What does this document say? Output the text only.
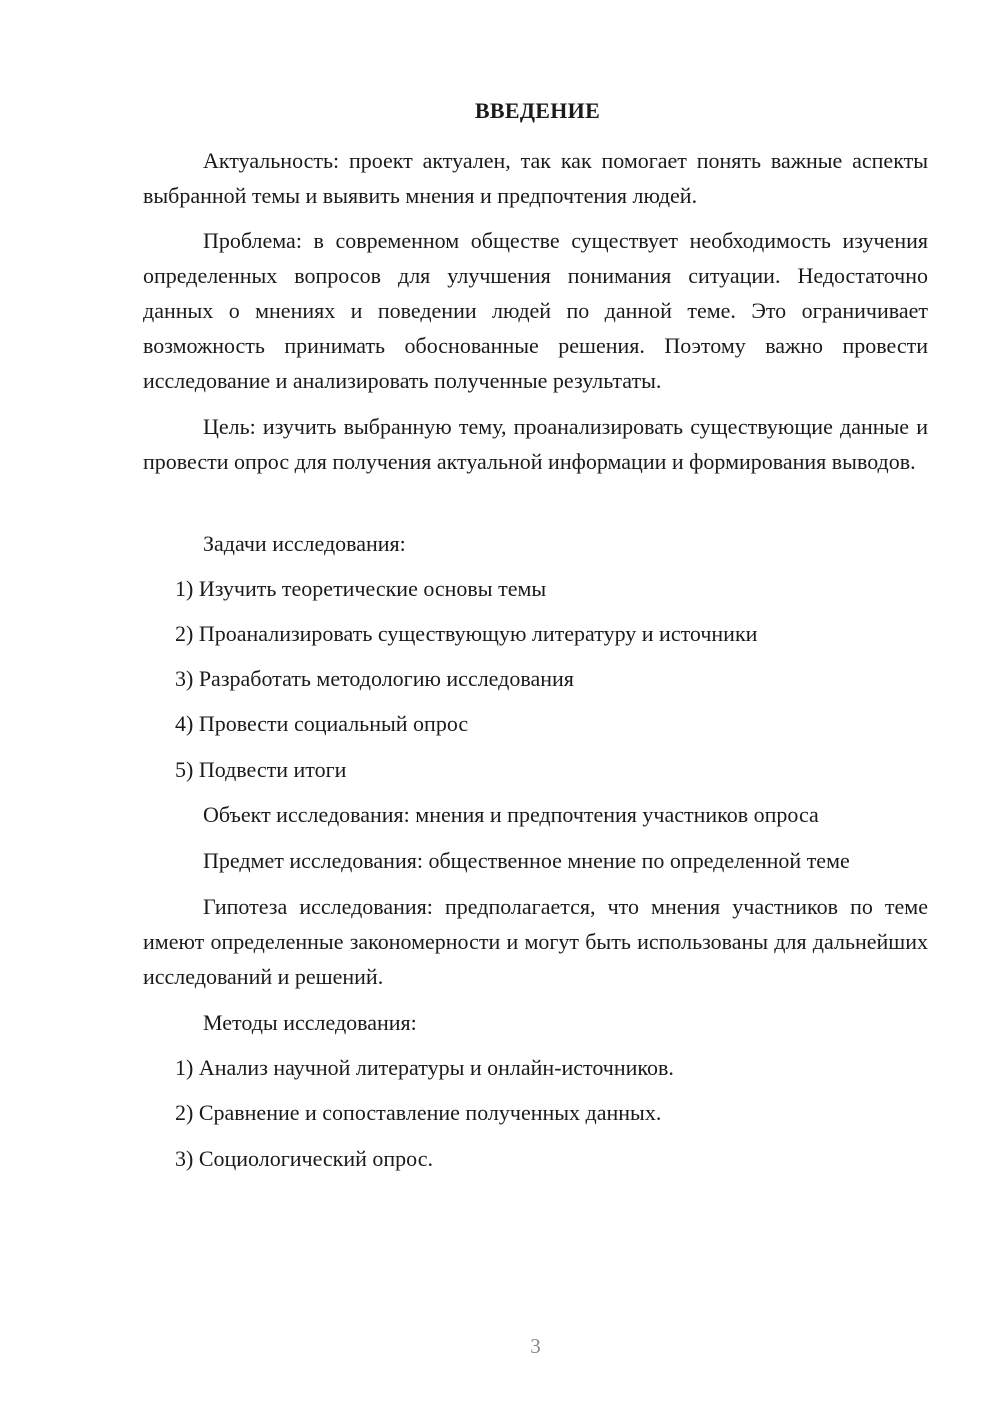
ВВЕДЕНИЕ

Актуальность: проект актуален, так как помогает понять важные аспекты выбранной темы и выявить мнения и предпочтения людей.

Проблема: в современном обществе существует необходимость изучения определенных вопросов для улучшения понимания ситуации. Недостаточно данных о мнениях и поведении людей по данной теме. Это ограничивает возможность принимать обоснованные решения. Поэтому важно провести исследование и анализировать полученные результаты.

Цель: изучить выбранную тему, проанализировать существующие данные и провести опрос для получения актуальной информации и формирования выводов.

Задачи исследования:

1) Изучить теоретические основы темы

2) Проанализировать существующую литературу и источники

3) Разработать методологию исследования

4) Провести социальный опрос

5) Подвести итоги

Объект исследования: мнения и предпочтения участников опроса

Предмет исследования: общественное мнение по определенной теме

Гипотеза исследования: предполагается, что мнения участников по теме имеют определенные закономерности и могут быть использованы для дальнейших исследований и решений.

Методы исследования:

1) Анализ научной литературы и онлайн-источников.

2) Сравнение и сопоставление полученных данных.

3) Социологический опрос.

3
